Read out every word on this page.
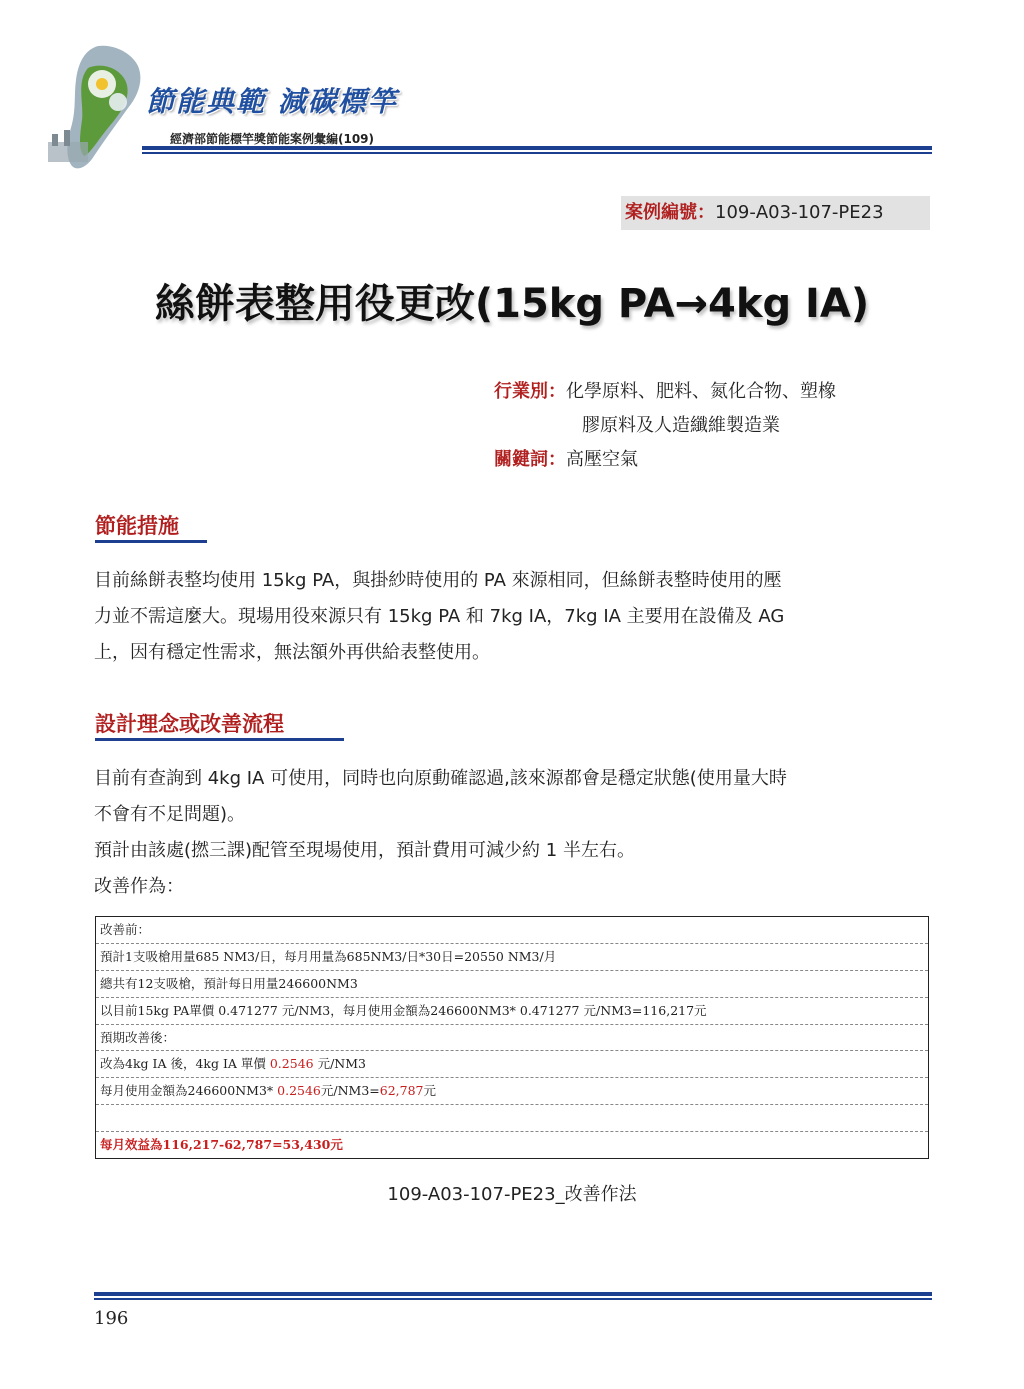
節能典範 減碳標竿
經濟部節能標竿獎節能案例彙編(109)
案例編號：109-A03-107-PE23
絲餅表整用役更改(15kg PA→4kg IA)
行業別：化學原料、肥料、氮化合物、塑橡
膠原料及人造纖維製造業
關鍵詞：高壓空氣
節能措施
目前絲餅表整均使用 15kg PA，與掛紗時使用的 PA 來源相同，但絲餅表整時使用的壓
力並不需這麼大。現場用役來源只有 15kg PA 和 7kg IA，7kg IA 主要用在設備及 AG
上，因有穩定性需求，無法額外再供給表整使用。
設計理念或改善流程
目前有查詢到 4kg IA 可使用，同時也向原動確認過,該來源都會是穩定狀態(使用量大時
不會有不足問題)。
預計由該處(撚三課)配管至現場使用，預計費用可減少約 1 半左右。
改善作為：
改善前：
預計1支吸槍用量685 NM3/日，每月用量為685NM3/日*30日=20550 NM3/月
總共有12支吸槍，預計每日用量246600NM3
以目前15kg PA單價 0.471277 元/NM3，每月使用金額為246600NM3* 0.471277 元/NM3=116,217元
預期改善後：
改為4kg IA 後，4kg IA 單價 0.2546 元/NM3
每月使用金額為246600NM3* 0.2546元/NM3=62,787元
每月效益為116,217-62,787=53,430元
109-A03-107-PE23_改善作法
196
